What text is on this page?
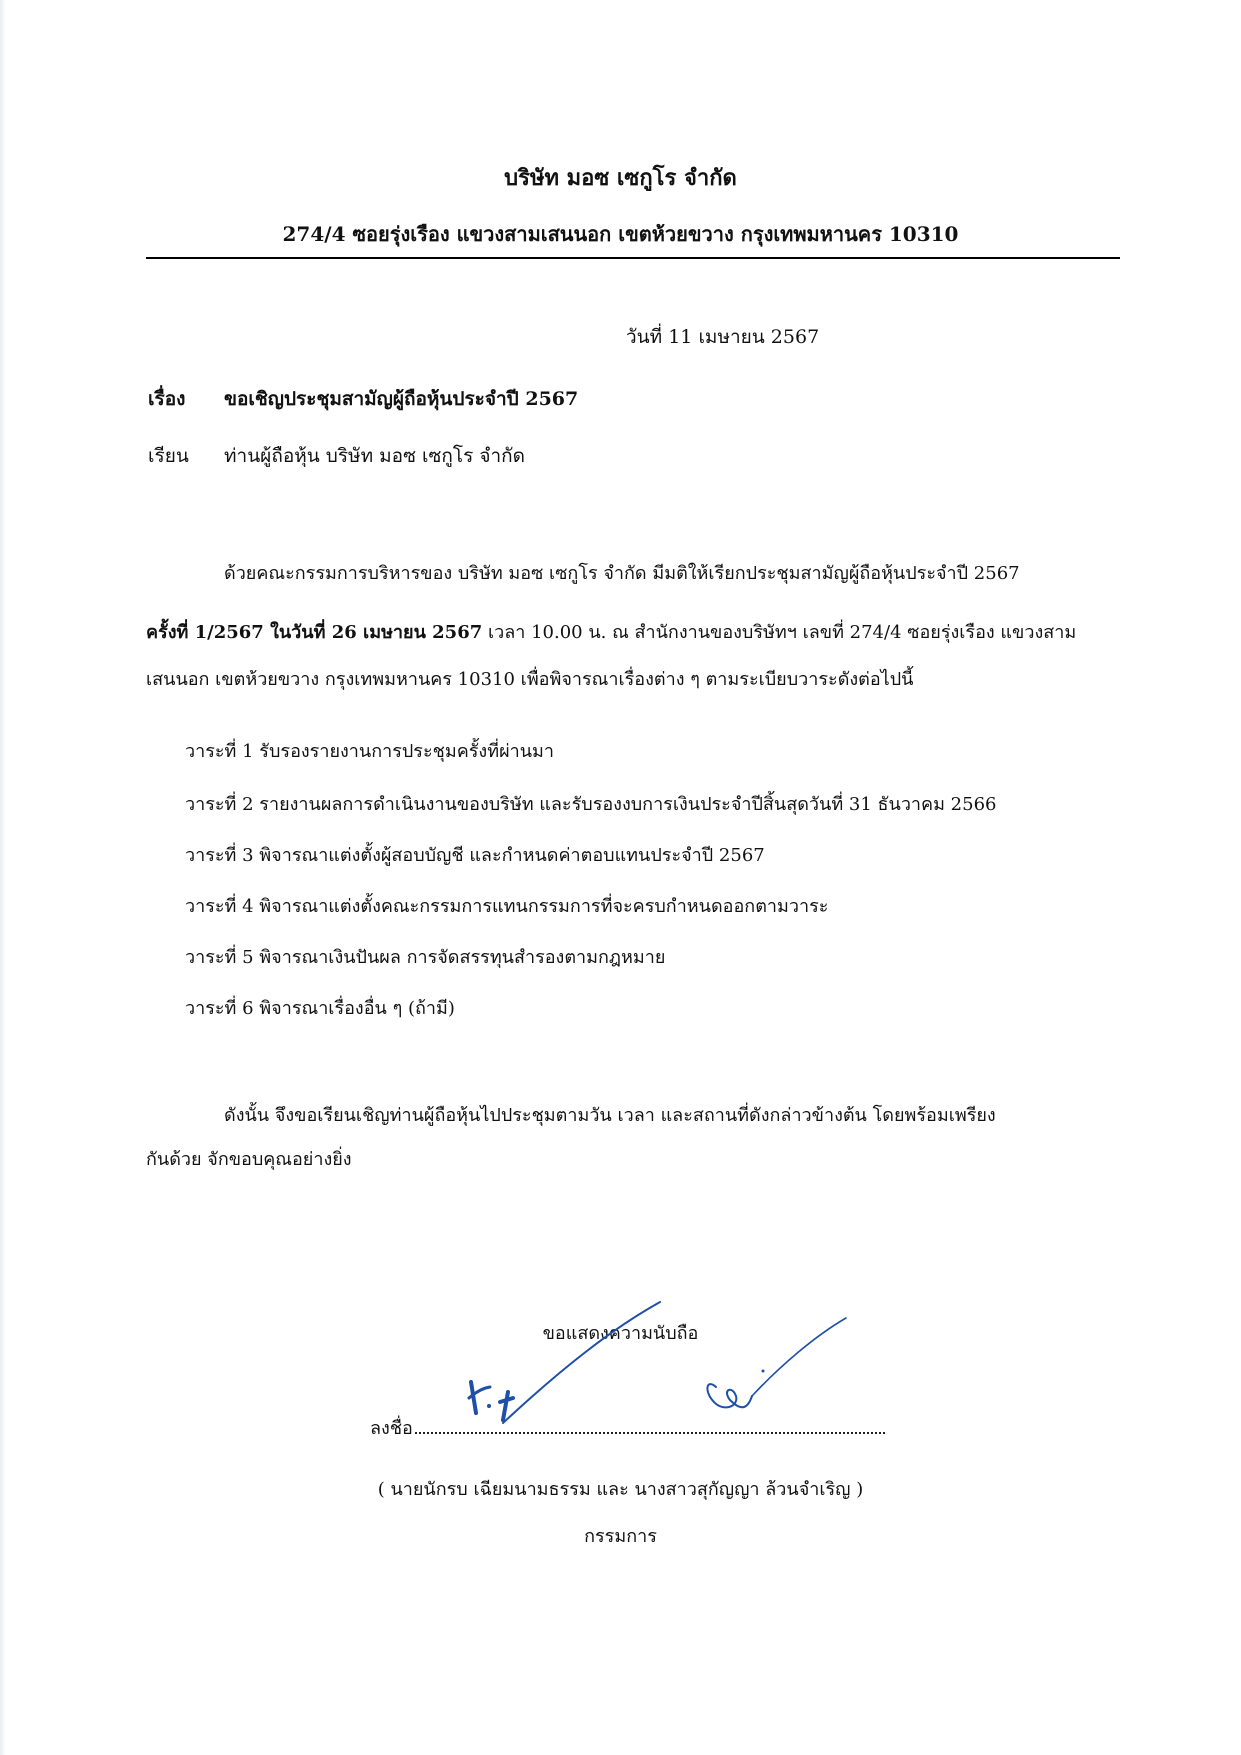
บริษัท มอซ เซกูโร จำกัด
274/4 ซอยรุ่งเรือง แขวงสามเสนนอก เขตห้วยขวาง กรุงเทพมหานคร 10310
วันที่ 11 เมษายน 2567
เรื่อง ขอเชิญประชุมสามัญผู้ถือหุ้นประจำปี 2567
เรียน ท่านผู้ถือหุ้น บริษัท มอซ เซกูโร จำกัด
ด้วยคณะกรรมการบริหารของ บริษัท มอซ เซกูโร จำกัด มีมติให้เรียกประชุมสามัญผู้ถือหุ้นประจำปี 2567
ครั้งที่ 1/2567 ในวันที่ 26 เมษายน 2567 เวลา 10.00 น. ณ สำนักงานของบริษัทฯ เลขที่ 274/4 ซอยรุ่งเรือง แขวงสาม
เสนนอก เขตห้วยขวาง กรุงเทพมหานคร 10310 เพื่อพิจารณาเรื่องต่าง ๆ ตามระเบียบวาระดังต่อไปนี้
วาระที่ 1 รับรองรายงานการประชุมครั้งที่ผ่านมา
วาระที่ 2 รายงานผลการดำเนินงานของบริษัท และรับรองงบการเงินประจำปีสิ้นสุดวันที่ 31 ธันวาคม 2566
วาระที่ 3 พิจารณาแต่งตั้งผู้สอบบัญชี และกำหนดค่าตอบแทนประจำปี 2567
วาระที่ 4 พิจารณาแต่งตั้งคณะกรรมการแทนกรรมการที่จะครบกำหนดออกตามวาระ
วาระที่ 5 พิจารณาเงินปันผล การจัดสรรทุนสำรองตามกฎหมาย
วาระที่ 6 พิจารณาเรื่องอื่น ๆ (ถ้ามี)
ดังนั้น จึงขอเรียนเชิญท่านผู้ถือหุ้นไปประชุมตามวัน เวลา และสถานที่ดังกล่าวข้างต้น โดยพร้อมเพรียง
กันด้วย จักขอบคุณอย่างยิ่ง
ขอแสดงความนับถือ
ลงชื่อ
( นายนักรบ เฉียมนามธรรม และ นางสาวสุกัญญา ล้วนจำเริญ )
กรรมการ
